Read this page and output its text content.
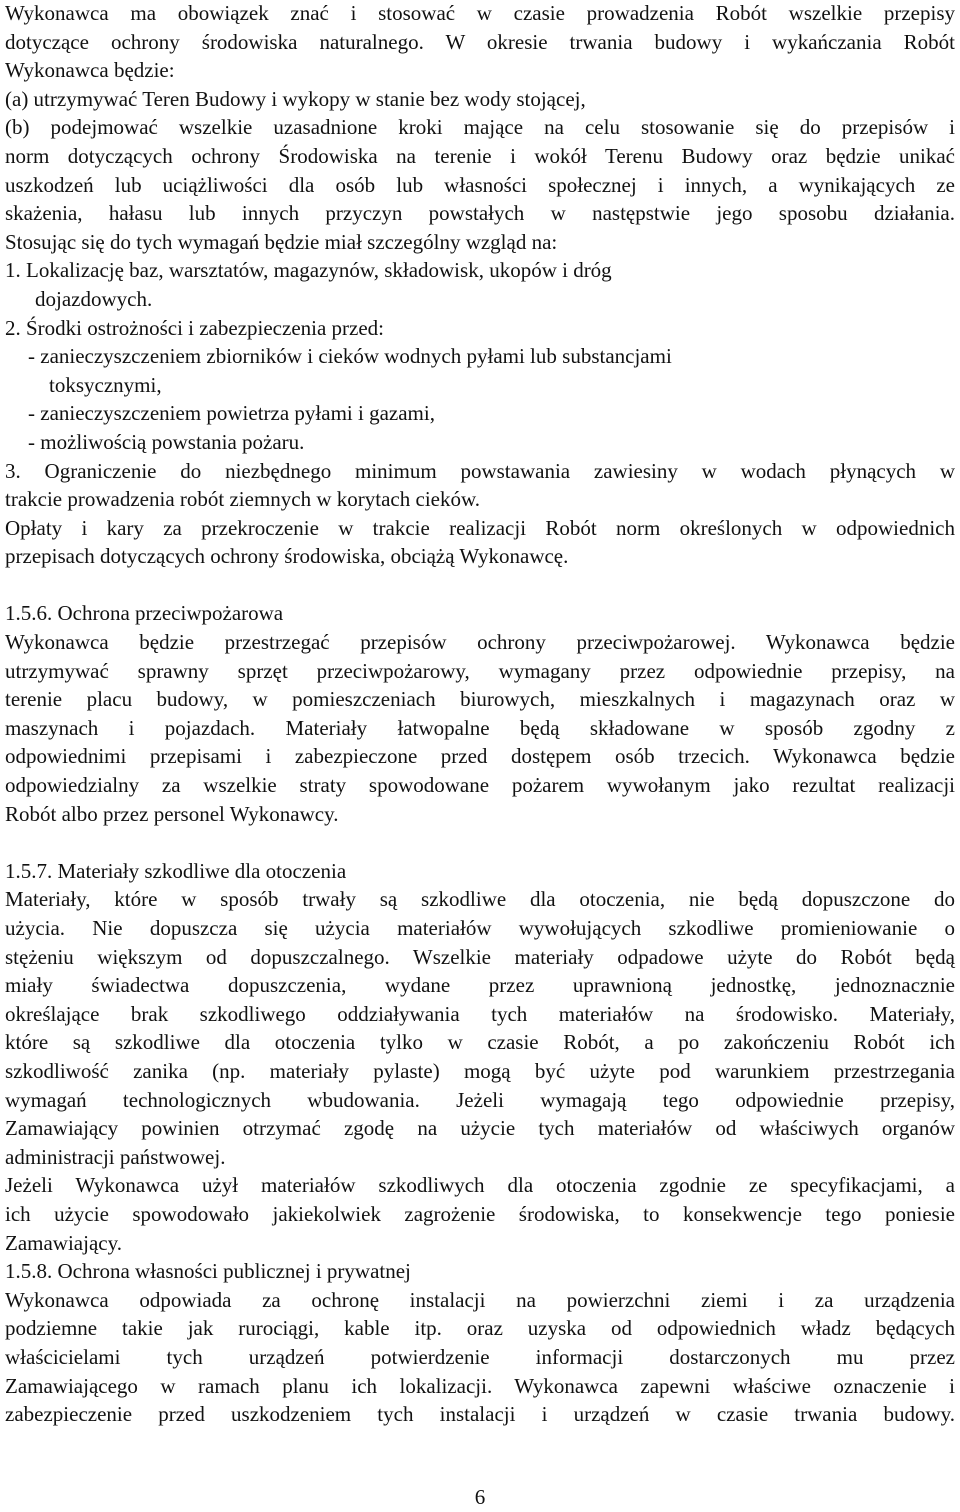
Wykonawca ma obowiązek znać i stosować w czasie prowadzenia Robót wszelkie przepisy
dotyczące ochrony środowiska naturalnego. W okresie trwania budowy i wykańczania Robót
Wykonawca będzie:
(a) utrzymywać Teren Budowy i wykopy w stanie bez wody stojącej,
(b) podejmować wszelkie uzasadnione kroki mające na celu stosowanie się do przepisów i
norm dotyczących ochrony Środowiska na terenie i wokół Terenu Budowy oraz będzie unikać
uszkodzeń lub uciążliwości dla osób lub własności społecznej i innych, a wynikających ze
skażenia, hałasu lub innych przyczyn powstałych w następstwie jego sposobu działania.
Stosując się do tych wymagań będzie miał szczególny wzgląd na:
1. Lokalizację baz, warsztatów, magazynów, składowisk, ukopów i dróg
dojazdowych.
2. Środki ostrożności i zabezpieczenia przed:
- zanieczyszczeniem zbiorników i cieków wodnych pyłami lub substancjami
toksycznymi,
- zanieczyszczeniem powietrza pyłami i gazami,
- możliwością powstania pożaru.
3. Ograniczenie do niezbędnego minimum powstawania zawiesiny w wodach płynących w
trakcie prowadzenia robót ziemnych w korytach cieków.
Opłaty i kary za przekroczenie w trakcie realizacji Robót norm określonych w odpowiednich
przepisach dotyczących ochrony środowiska, obciążą Wykonawcę.
1.5.6. Ochrona przeciwpożarowa
Wykonawca będzie przestrzegać przepisów ochrony przeciwpożarowej. Wykonawca będzie
utrzymywać sprawny sprzęt przeciwpożarowy, wymagany przez odpowiednie przepisy, na
terenie placu budowy, w pomieszczeniach biurowych, mieszkalnych i magazynach oraz w
maszynach i pojazdach. Materiały łatwopalne będą składowane w sposób zgodny z
odpowiednimi przepisami i zabezpieczone przed dostępem osób trzecich. Wykonawca będzie
odpowiedzialny za wszelkie straty spowodowane pożarem wywołanym jako rezultat realizacji
Robót albo przez personel Wykonawcy.
1.5.7. Materiały szkodliwe dla otoczenia
Materiały, które w sposób trwały są szkodliwe dla otoczenia, nie będą dopuszczone do
użycia. Nie dopuszcza się użycia materiałów wywołujących szkodliwe promieniowanie o
stężeniu większym od dopuszczalnego. Wszelkie materiały odpadowe użyte do Robót będą
miały świadectwa dopuszczenia, wydane przez uprawnioną jednostkę, jednoznacznie
określające brak szkodliwego oddziaływania tych materiałów na środowisko. Materiały,
które są szkodliwe dla otoczenia tylko w czasie Robót, a po zakończeniu Robót ich
szkodliwość zanika (np. materiały pylaste) mogą być użyte pod warunkiem przestrzegania
wymagań technologicznych wbudowania. Jeżeli wymagają tego odpowiednie przepisy,
Zamawiający powinien otrzymać zgodę na użycie tych materiałów od właściwych organów
administracji państwowej.
Jeżeli Wykonawca użył materiałów szkodliwych dla otoczenia zgodnie ze specyfikacjami, a
ich użycie spowodowało jakiekolwiek zagrożenie środowiska, to konsekwencje tego poniesie
Zamawiający.
1.5.8. Ochrona własności publicznej i prywatnej
Wykonawca odpowiada za ochronę instalacji na powierzchni ziemi i za urządzenia
podziemne takie jak rurociągi, kable itp. oraz uzyska od odpowiednich władz będących
właścicielami tych urządzeń potwierdzenie informacji dostarczonych mu przez
Zamawiającego w ramach planu ich lokalizacji. Wykonawca zapewni właściwe oznaczenie i
zabezpieczenie przed uszkodzeniem tych instalacji i urządzeń w czasie trwania budowy.
6
